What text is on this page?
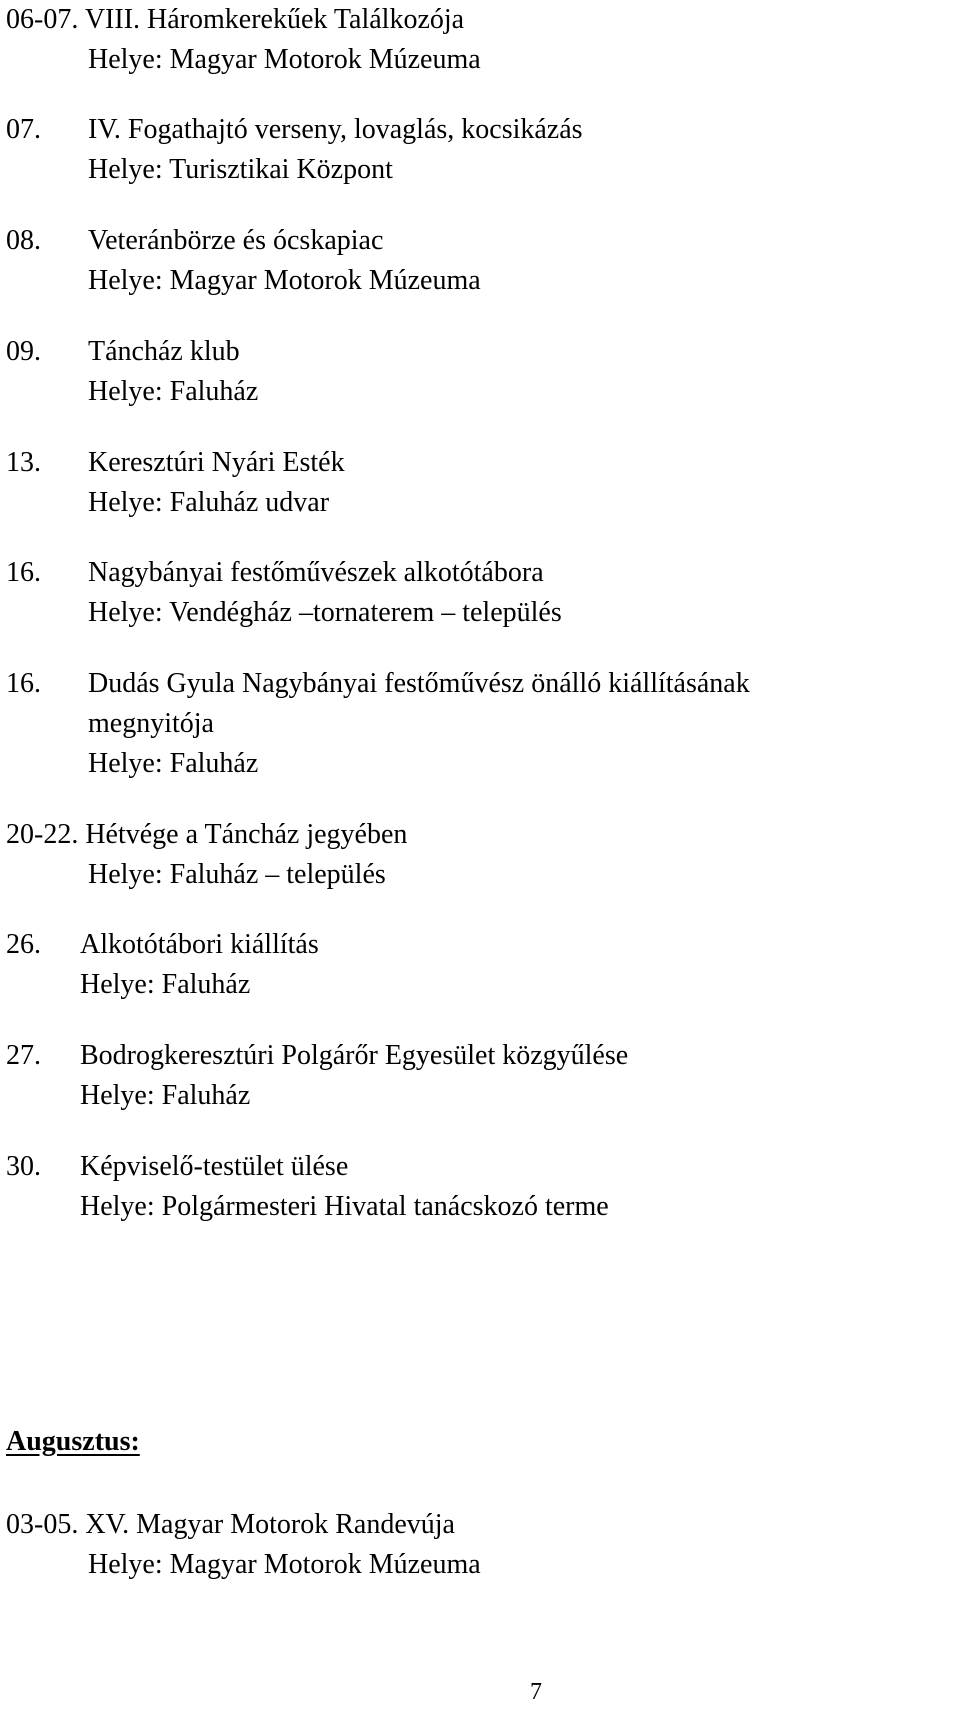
06-07. VIII. Háromkerekűek Találkozója
Helye: Magyar Motorok Múzeuma
07. IV. Fogathajtó verseny, lovaglás, kocsikázás
Helye: Turisztikai Központ
08. Veteránbörze és ócskapiac
Helye: Magyar Motorok Múzeuma
09. Táncház klub
Helye: Faluház
13. Keresztúri Nyári Esték
Helye: Faluház udvar
16. Nagybányai festőművészek alkotótábora
Helye: Vendégház –tornaterem – település
16. Dudás Gyula Nagybányai festőművész önálló kiállításának
megnyitója
Helye: Faluház
20-22. Hétvége a Táncház jegyében
Helye: Faluház – település
26. Alkotótábori kiállítás
Helye: Faluház
27. Bodrogkeresztúri Polgárőr Egyesület közgyűlése
Helye: Faluház
30. Képviselő-testület ülése
Helye: Polgármesteri Hivatal tanácskozó terme
Augusztus:
03-05. XV. Magyar Motorok Randevúja
Helye: Magyar Motorok Múzeuma
7
